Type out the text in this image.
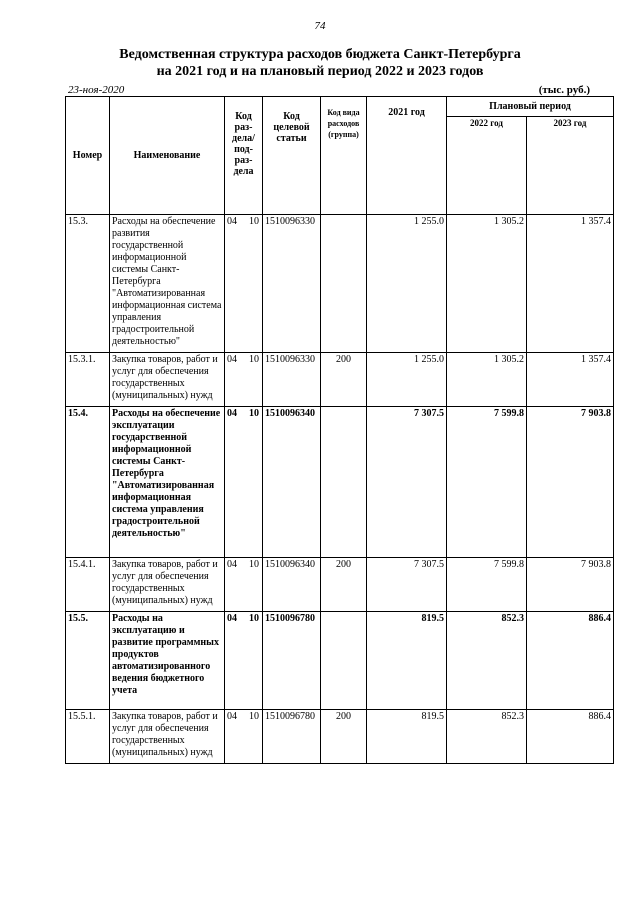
74
Ведомственная структура расходов бюджета Санкт-Петербурга
на 2021 год и на плановый период 2022 и 2023 годов
23-ноя-2020	(тыс. руб.)
Номер	Наименование	Код раз- дела/ под- раз- дела	Код целевой статьи	Код вида расходов (группа)	2021 год	Плановый период	
						2022 год	2023 год
15.3.	Расходы на обеспечение развития государственной информационной системы Санкт-Петербурга "Автоматизированная информационная система управления градостроительной деятельностью"	04 10	1510096330		1 255.0	1 305.2	1 357.4
15.3.1.	Закупка товаров, работ и услуг для обеспечения государственных (муниципальных) нужд	04 10	1510096330	200	1 255.0	1 305.2	1 357.4
15.4.	Расходы на обеспечение эксплуатации государственной информационной системы Санкт-Петербурга "Автоматизированная информационная система управления градостроительной деятельностью"	04 10	1510096340		7 307.5	7 599.8	7 903.8
15.4.1.	Закупка товаров, работ и услуг для обеспечения государственных (муниципальных) нужд	04 10	1510096340	200	7 307.5	7 599.8	7 903.8
15.5.	Расходы на эксплуатацию и развитие программных продуктов автоматизированного ведения бюджетного учета	04 10	1510096780		819.5	852.3	886.4
15.5.1.	Закупка товаров, работ и услуг для обеспечения государственных (муниципальных) нужд	04 10	1510096780	200	819.5	852.3	886.4
